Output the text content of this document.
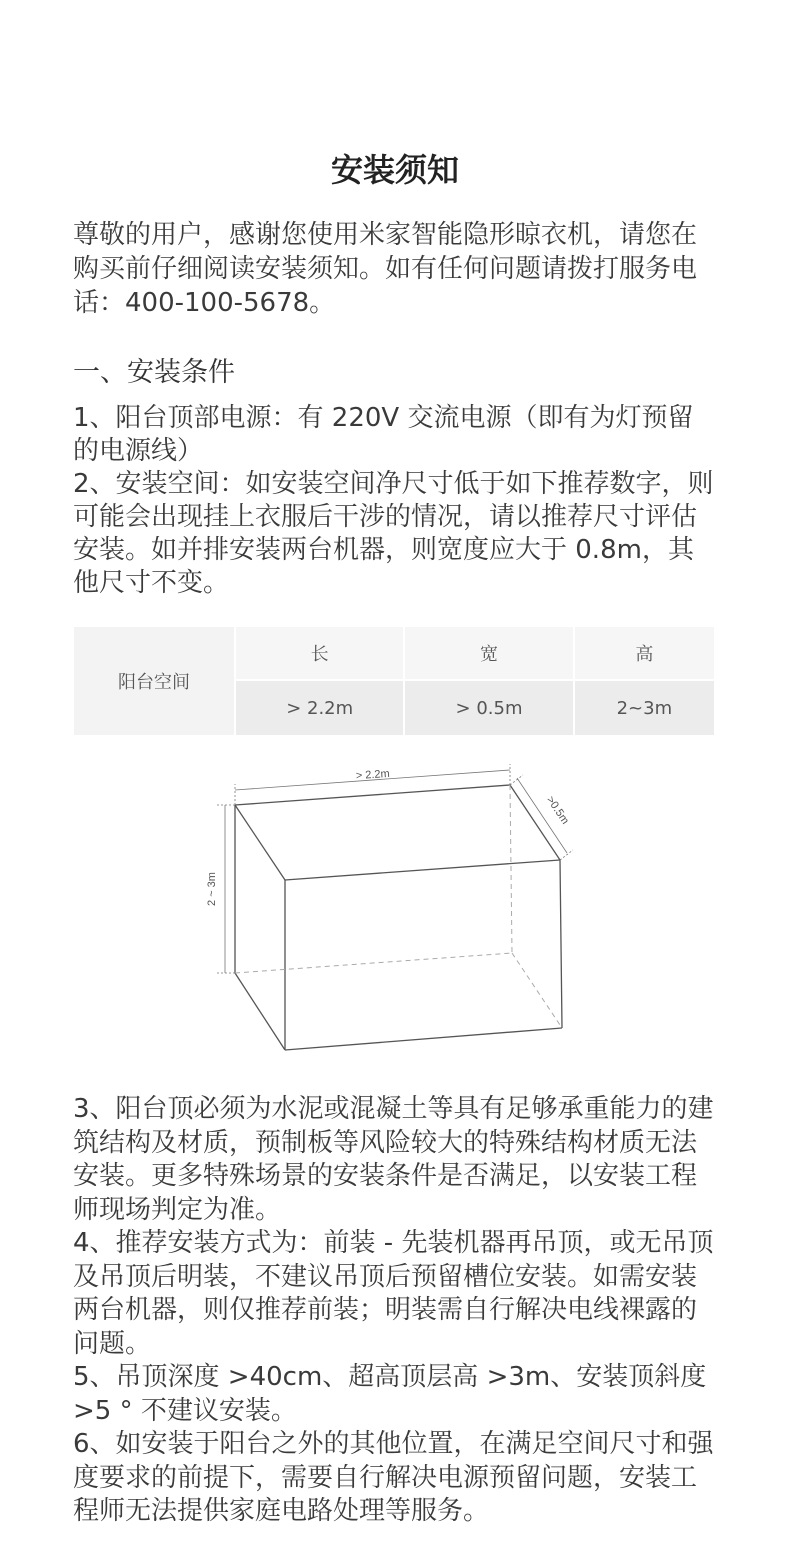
安装须知

尊敬的用户，感谢您使用米家智能隐形晾衣机，请您在购买前仔细阅读安装须知。如有任何问题请拨打服务电话：400-100-5678。

一、安装条件

1、阳台顶部电源：有 220V 交流电源（即有为灯预留的电源线）

2、安装空间：如安装空间净尺寸低于如下推荐数字，则可能会出现挂上衣服后干涉的情况，请以推荐尺寸评估安装。如并排安装两台机器，则宽度应大于 0.8m，其他尺寸不变。

阳台空间	长	宽	高
	> 2.2m	> 0.5m	2~3m
> 2.2m
>0.5m
2 ~ 3m

3、阳台顶必须为水泥或混凝土等具有足够承重能力的建筑结构及材质，预制板等风险较大的特殊结构材质无法安装。更多特殊场景的安装条件是否满足，以安装工程师现场判定为准。

4、推荐安装方式为：前装 - 先装机器再吊顶，或无吊顶及吊顶后明装，不建议吊顶后预留槽位安装。如需安装两台机器，则仅推荐前装；明装需自行解决电线裸露的问题。

5、吊顶深度 >40cm、超高顶层高 >3m、安装顶斜度 >5 ° 不建议安装。

6、如安装于阳台之外的其他位置，在满足空间尺寸和强度要求的前提下，需要自行解决电源预留问题，安装工程师无法提供家庭电路处理等服务。
